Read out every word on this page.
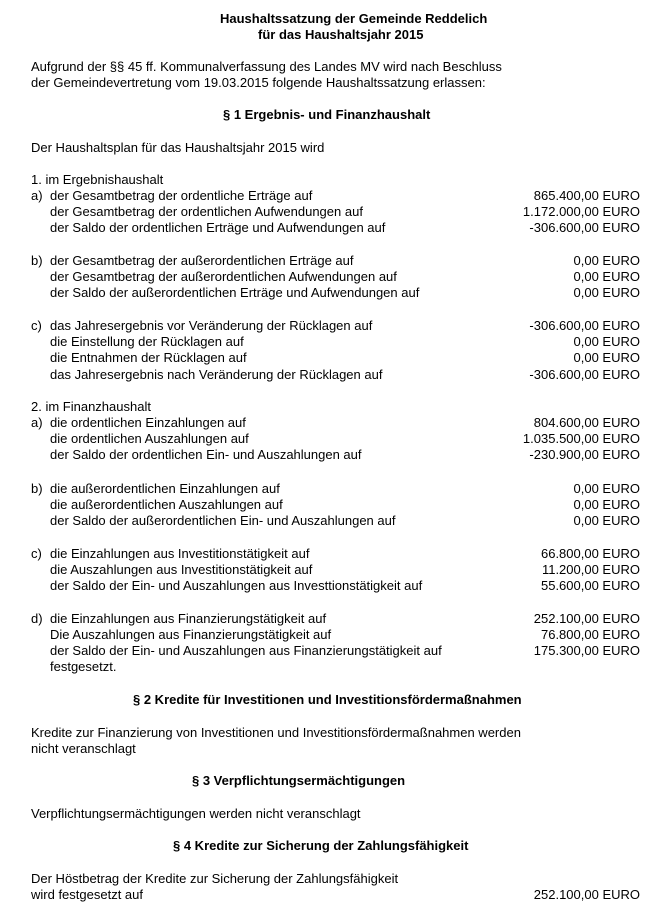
Haushaltssatzung der Gemeinde Reddelich
für das Haushaltsjahr 2015
Aufgrund der §§ 45 ff. Kommunalverfassung des Landes MV wird nach Beschluss
der Gemeindevertretung vom 19.03.2015 folgende Haushaltssatzung erlassen:
§ 1 Ergebnis- und Finanzhaushalt
Der Haushaltsplan für das Haushaltsjahr 2015 wird
1. im Ergebnishaushalt
a) der Gesamtbetrag der ordentliche Erträge auf	865.400,00 EURO
der Gesamtbetrag der ordentlichen Aufwendungen auf	1.172.000,00 EURO
der Saldo der ordentlichen Erträge und Aufwendungen auf	-306.600,00 EURO
b) der Gesamtbetrag der außerordentlichen Erträge auf	0,00 EURO
der Gesamtbetrag der außerordentlichen Aufwendungen auf	0,00 EURO
der Saldo der außerordentlichen Erträge und Aufwendungen auf	0,00 EURO
c) das Jahresergebnis vor Veränderung der Rücklagen auf	-306.600,00 EURO
die Einstellung der Rücklagen auf	0,00 EURO
die Entnahmen der Rücklagen auf	0,00 EURO
das Jahresergebnis nach Veränderung der Rücklagen auf	-306.600,00 EURO
2. im Finanzhaushalt
a) die ordentlichen Einzahlungen auf	804.600,00 EURO
die ordentlichen Auszahlungen auf	1.035.500,00 EURO
der Saldo der ordentlichen Ein- und Auszahlungen auf	-230.900,00 EURO
b) die außerordentlichen Einzahlungen auf	0,00 EURO
die außerordentlichen Auszahlungen auf	0,00 EURO
der Saldo der außerordentlichen Ein- und Auszahlungen auf	0,00 EURO
c) die Einzahlungen aus Investitionstätigkeit auf	66.800,00 EURO
die Auszahlungen aus Investitionstätigkeit auf	11.200,00 EURO
der Saldo der Ein- und Auszahlungen aus Investtionstätigkeit auf	55.600,00 EURO
d) die Einzahlungen aus Finanzierungstätigkeit auf	252.100,00 EURO
Die Auszahlungen aus Finanzierungstätigkeit auf	76.800,00 EURO
der Saldo der Ein- und Auszahlungen aus Finanzierungstätigkeit auf	175.300,00 EURO
festgesetzt.
§ 2 Kredite für Investitionen und Investitionsfördermaßnahmen
Kredite zur Finanzierung von Investitionen und Investitionsfördermaßnahmen werden
nicht veranschlagt
§ 3 Verpflichtungsermächtigungen
Verpflichtungsermächtigungen werden nicht veranschlagt
§ 4 Kredite zur Sicherung der Zahlungsfähigkeit
Der Höstbetrag der Kredite zur Sicherung der Zahlungsfähigkeit
wird festgesetzt auf	252.100,00 EURO
